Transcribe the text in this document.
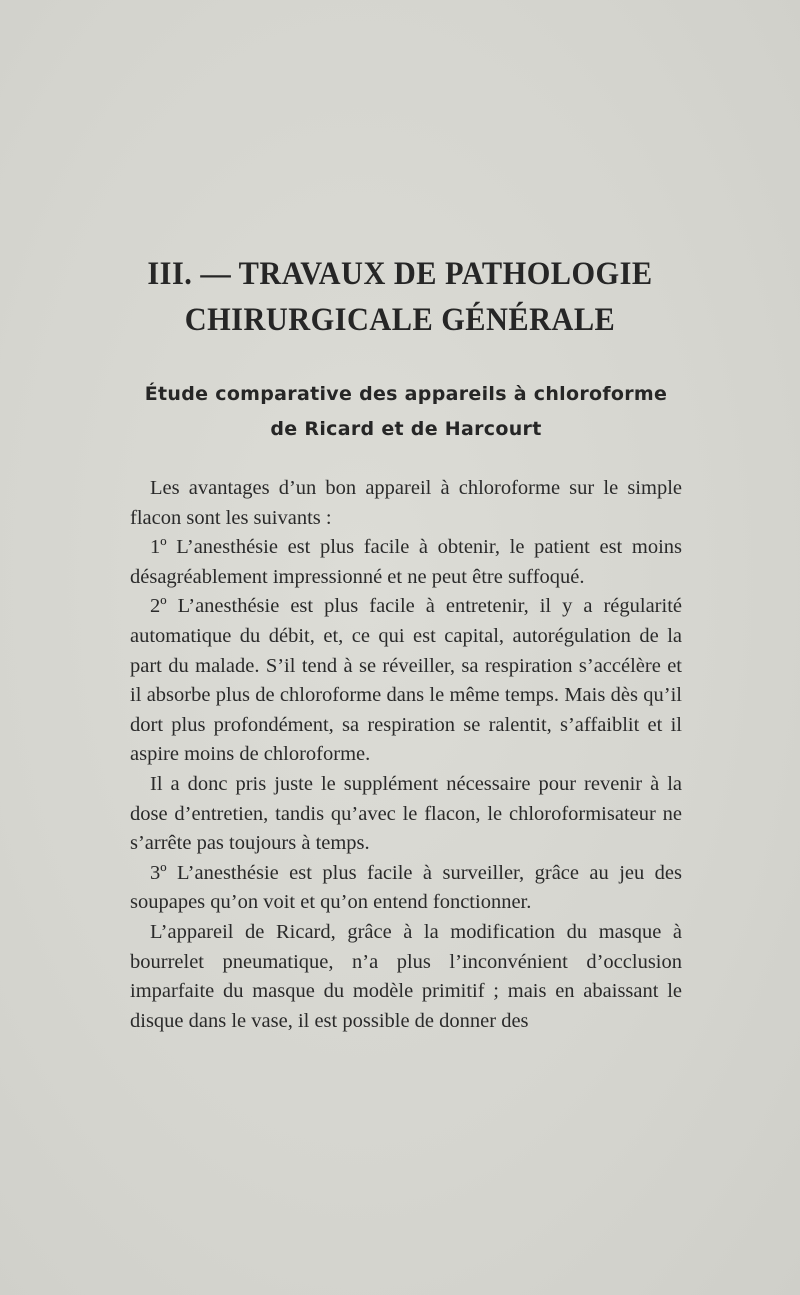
III. — TRAVAUX DE PATHOLOGIE
CHIRURGICALE GÉNÉRALE
Étude comparative des appareils à chloroforme
de Ricard et de Harcourt

Les avantages d’un bon appareil à chloroforme sur le simple flacon sont les suivants :

1º L’anesthésie est plus facile à obtenir, le patient est moins désagréablement impressionné et ne peut être suffoqué.

2º L’anesthésie est plus facile à entretenir, il y a régularité automatique du débit, et, ce qui est capital, autorégulation de la part du malade. S’il tend à se réveiller, sa respiration s’accélère et il absorbe plus de chloroforme dans le même temps. Mais dès qu’il dort plus profondément, sa respiration se ralentit, s’affaiblit et il aspire moins de chloroforme.

Il a donc pris juste le supplément nécessaire pour revenir à la dose d’entretien, tandis qu’avec le flacon, le chloroformisateur ne s’arrête pas toujours à temps.

3º L’anesthésie est plus facile à surveiller, grâce au jeu des soupapes qu’on voit et qu’on entend fonctionner.

L’appareil de Ricard, grâce à la modification du masque à bourrelet pneumatique, n’a plus l’inconvénient d’occlusion imparfaite du masque du modèle primitif ; mais en abaissant le disque dans le vase, il est possible de donner des
